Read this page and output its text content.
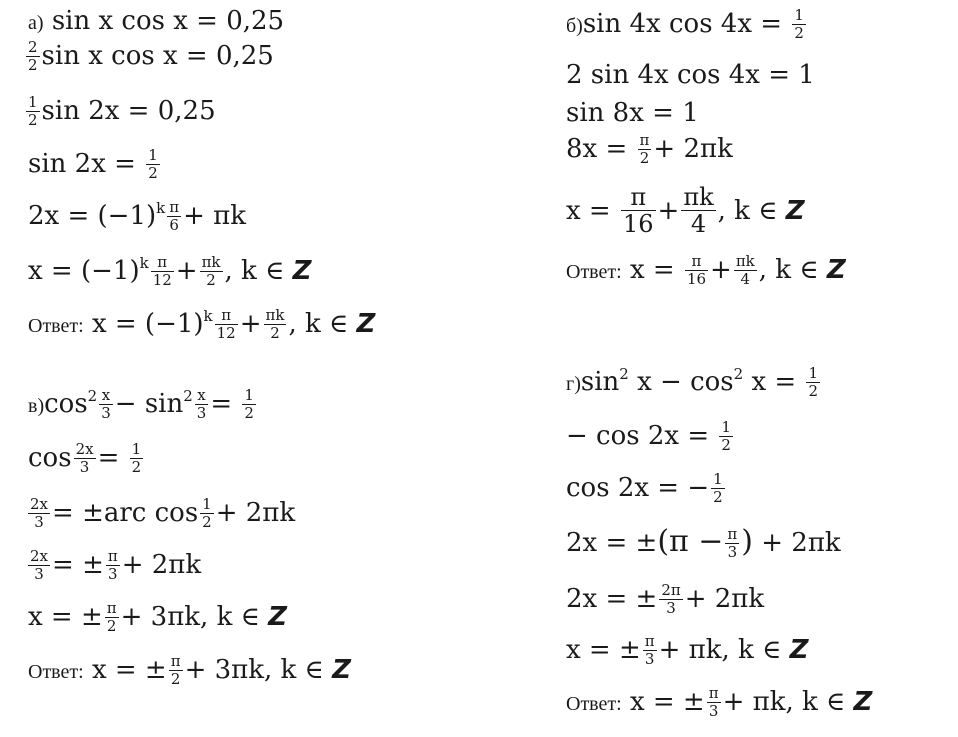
а) sin x cos x = 0,25
$\frac{2}{2}$ sin x cos x = 0,25
$\frac{1}{2}$ sin 2x = 0,25
$\sin 2x = \frac{1}{2}$
$2x = (-1)^k \frac{\pi}{6} + \pi k$
$x = (-1)^k \frac{\pi}{12} + \frac{\pi k}{2}$ , k ∈ Z
Ответ: $x = (-1)^k \frac{\pi}{12} + \frac{\pi k}{2}$ , k ∈ Z
б)sin 4x $\cos 4x = \frac{1}{2}$
2 sin 4x cos 4x = 1
sin 8x = 1
$8x = \frac{\pi}{2} + 2\pi k$
$x = \frac{\pi}{16} + \frac{\pi k}{4}$ , k ∈ Z
Ответ: $x = \frac{\pi}{16} + \frac{\pi k}{4}$ , k ∈ Z
$в)\cos^2 \frac{x}{3} - \sin^2 \frac{x}{3} = \frac{1}{2}$
$\cos \frac{2x}{3} = \frac{1}{2}$
$\frac{2x}{3} = \pm arc$ $\cos \frac{1}{2} + 2\pi k$
$\frac{2x}{3}$ = ± $\frac{\pi}{3} + 2\pi k$
x = ± $\frac{\pi}{2} + 3\pi k$, k ∈ Z
Ответ: x = ± $\frac{\pi}{2} + 3\pi k$, k ∈ Z
$г)\sin^2$ $x - \cos^2 x = \frac{1}{2}$
− $\cos 2x = \frac{1}{2}$
cos 2x = − $\frac{1}{2}$
$2x = \pm(\pi - \frac{\pi}{3}$ ) + 2πk
2x = ± $\frac{2\pi}{3} + 2\pi k$
x = ± $\frac{\pi}{3} + \pi k$, k ∈ Z
Ответ: x = ± $\frac{\pi}{3} + \pi k$, k ∈ Z
